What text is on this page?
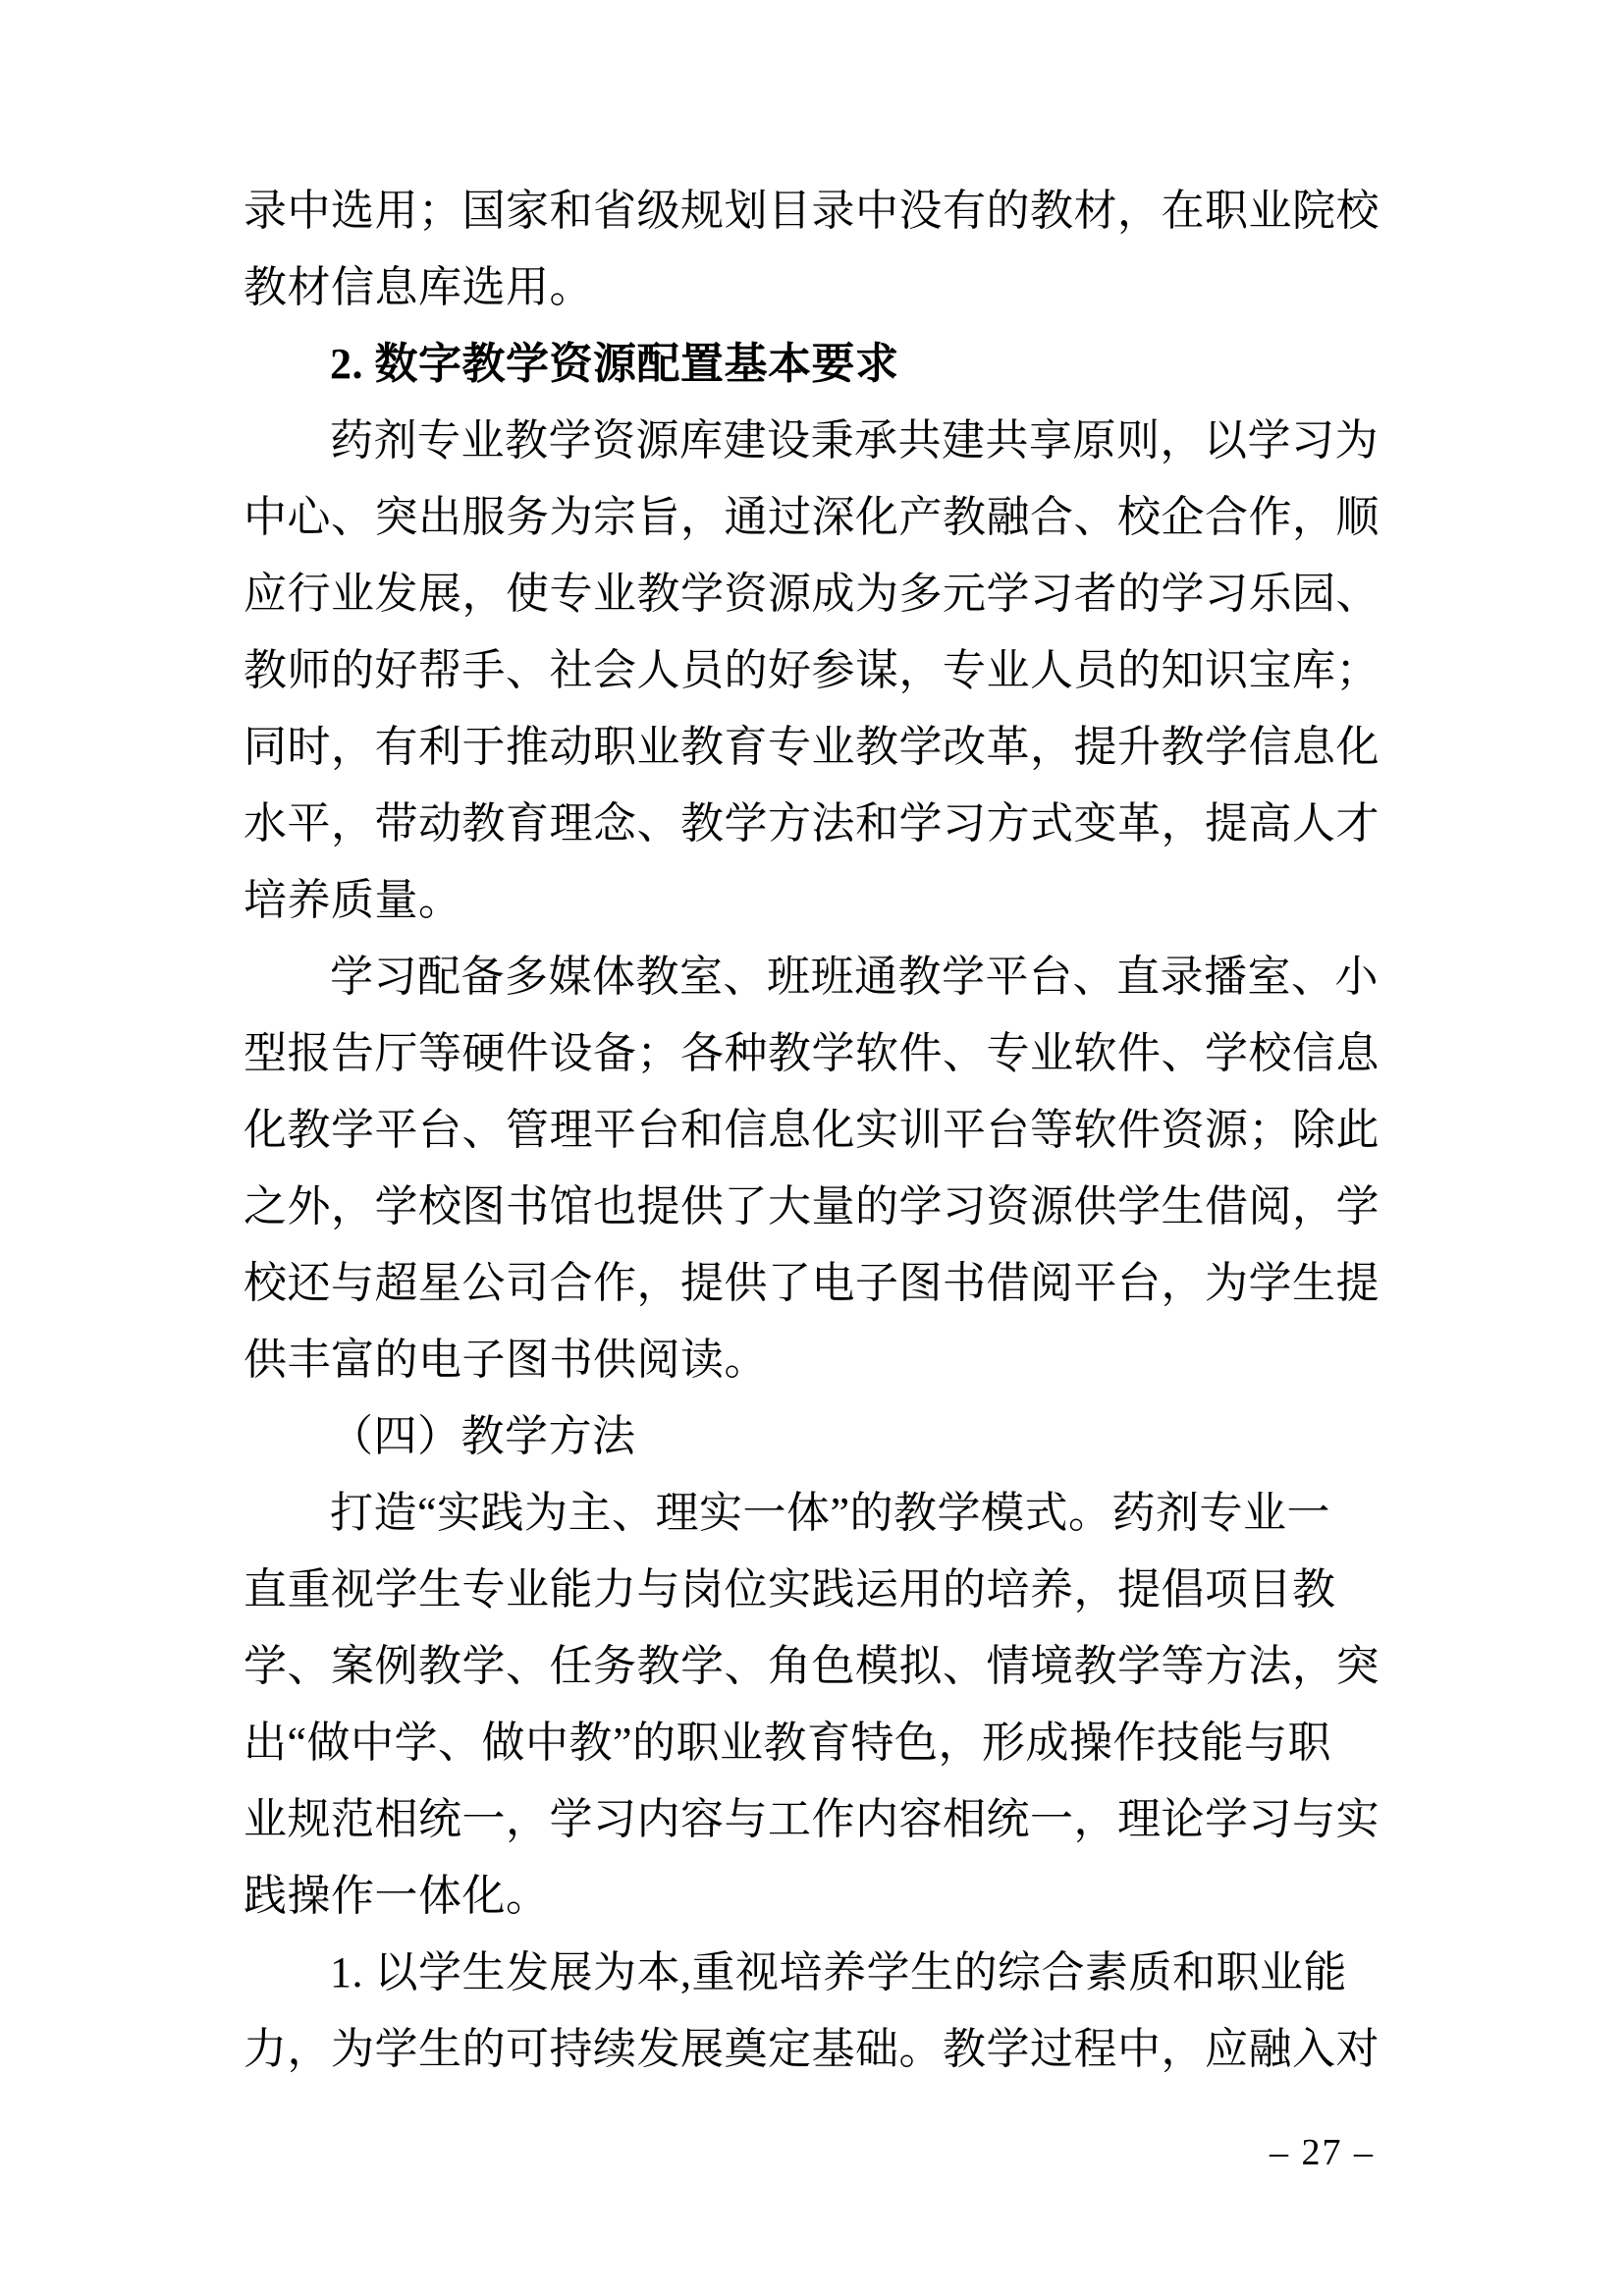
录中选用；国家和省级规划目录中没有的教材，在职业院校
教材信息库选用。
2. 数字教学资源配置基本要求
药剂专业教学资源库建设秉承共建共享原则，以学习为
中心、突出服务为宗旨，通过深化产教融合、校企合作，顺
应行业发展，使专业教学资源成为多元学习者的学习乐园、
教师的好帮手、社会人员的好参谋，专业人员的知识宝库；
同时，有利于推动职业教育专业教学改革，提升教学信息化
水平，带动教育理念、教学方法和学习方式变革，提高人才
培养质量。
学习配备多媒体教室、班班通教学平台、直录播室、小
型报告厅等硬件设备；各种教学软件、专业软件、学校信息
化教学平台、管理平台和信息化实训平台等软件资源；除此
之外，学校图书馆也提供了大量的学习资源供学生借阅，学
校还与超星公司合作，提供了电子图书借阅平台，为学生提
供丰富的电子图书供阅读。
（四）教学方法
打造“实践为主、理实一体”的教学模式。药剂专业一
直重视学生专业能力与岗位实践运用的培养，提倡项目教
学、案例教学、任务教学、角色模拟、情境教学等方法，突
出“做中学、做中教”的职业教育特色，形成操作技能与职
业规范相统一，学习内容与工作内容相统一，理论学习与实
践操作一体化。
1. 以学生发展为本,重视培养学生的综合素质和职业能
力，为学生的可持续发展奠定基础。教学过程中，应融入对
– 27 –
